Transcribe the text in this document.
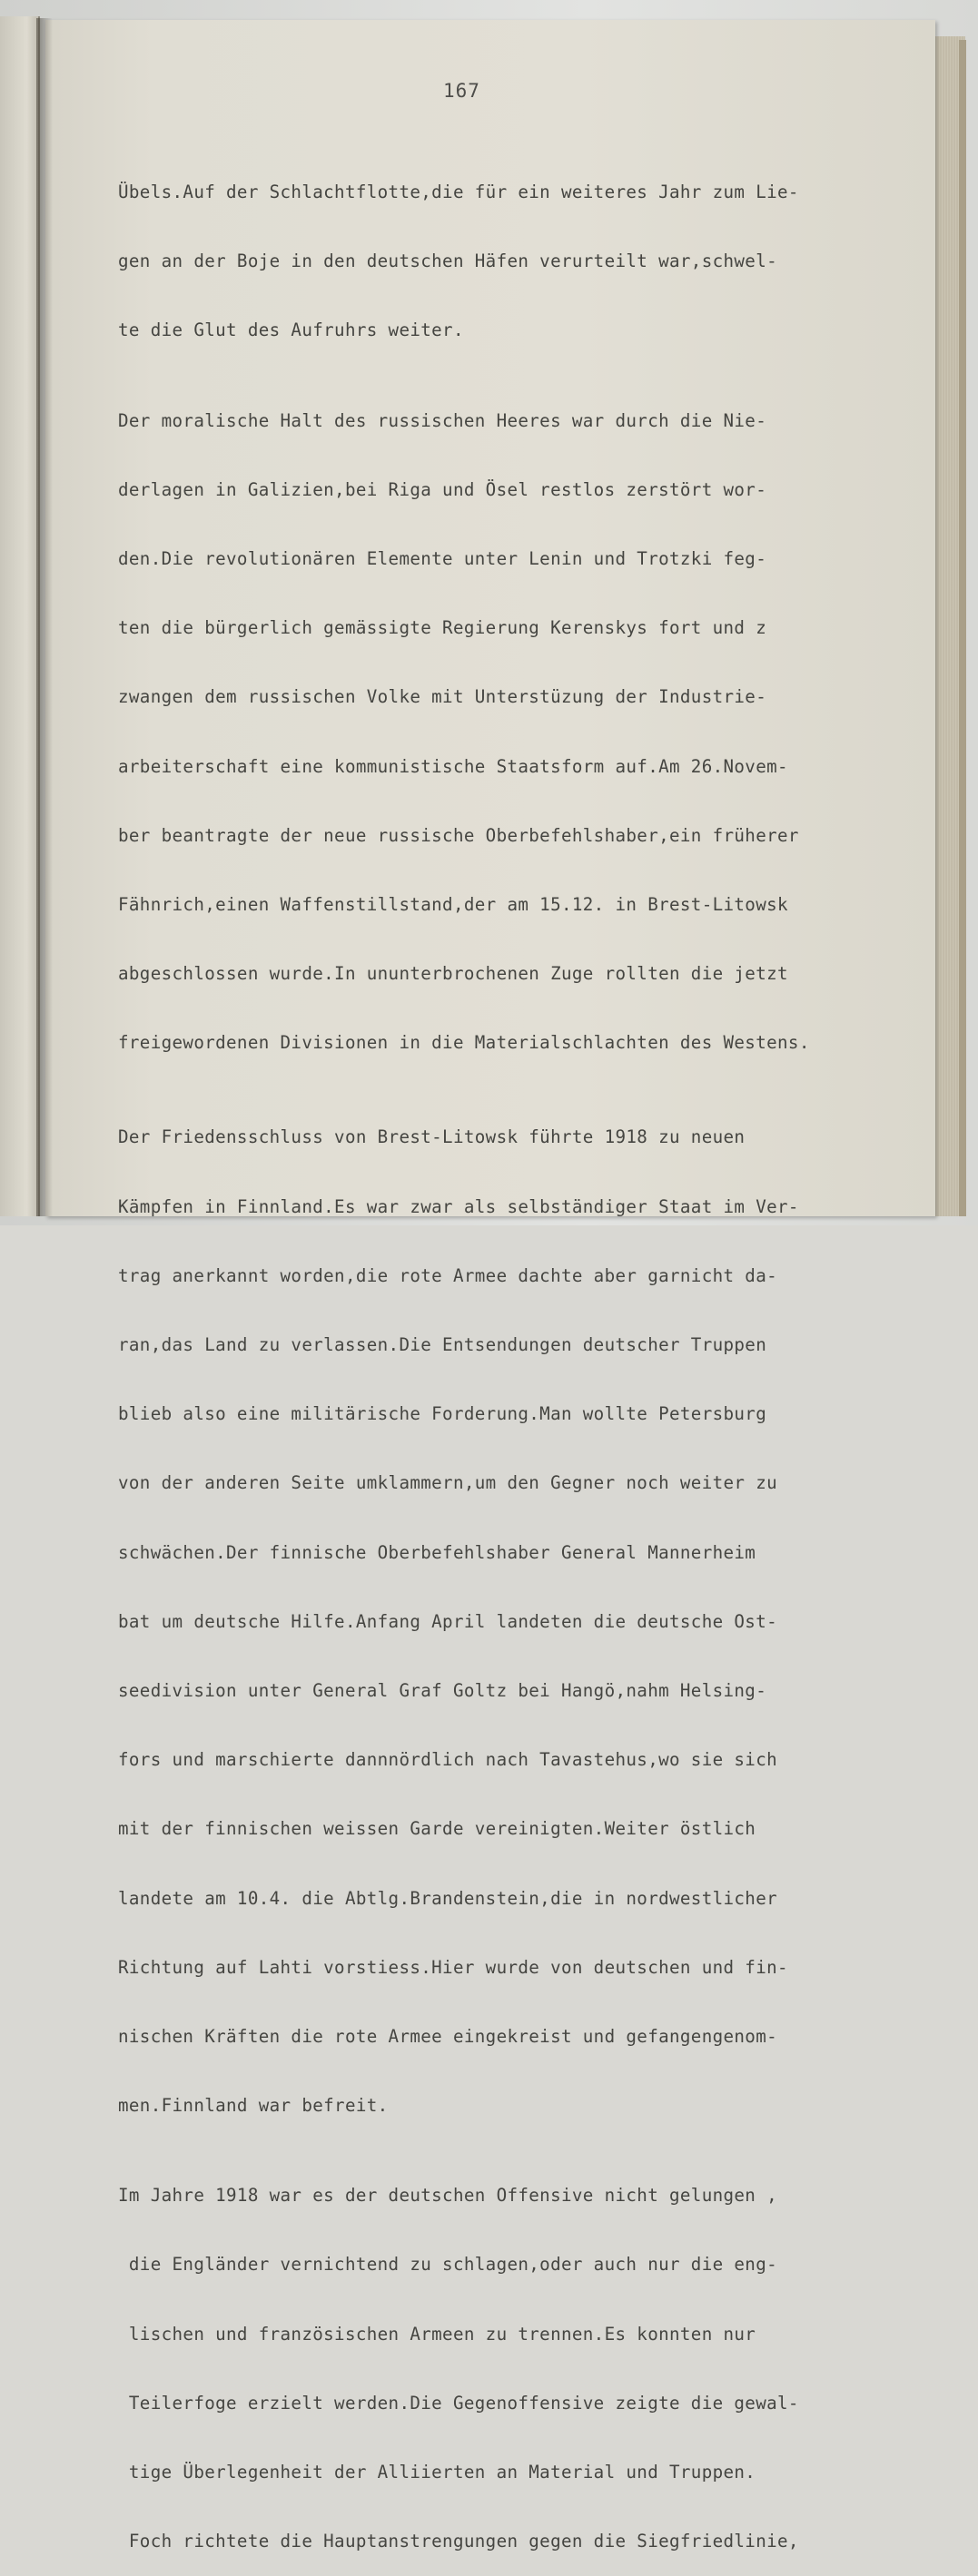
167

Übels.Auf der Schlachtflotte,die für ein weiteres Jahr zum Lie-

gen an der Boje in den deutschen Häfen verurteilt war,schwel-

te die Glut des Aufruhrs weiter.

Der moralische Halt des russischen Heeres war durch die Nie-

derlagen in Galizien,bei Riga und Ösel restlos zerstört wor-

den.Die revolutionären Elemente unter Lenin und Trotzki feg-

ten die bürgerlich gemässigte Regierung Kerenskys fort und z

zwangen dem russischen Volke mit Unterstüzung der Industrie-

arbeiterschaft eine kommunistische Staatsform auf.Am 26.Novem-

ber beantragte der neue russische Oberbefehlshaber,ein früherer

Fähnrich,einen Waffenstillstand,der am 15.12. in Brest-Litowsk

abgeschlossen wurde.In ununterbrochenen Zuge rollten die jetzt

freigewordenen Divisionen in die Materialschlachten des Westens.

Der Friedensschluss von Brest-Litowsk führte 1918 zu neuen

Kämpfen in Finnland.Es war zwar als selbständiger Staat im Ver-

trag anerkannt worden,die rote Armee dachte aber garnicht da-

ran,das Land zu verlassen.Die Entsendungen deutscher Truppen

blieb also eine militärische Forderung.Man wollte Petersburg

von der anderen Seite umklammern,um den Gegner noch weiter zu

schwächen.Der finnische Oberbefehlshaber General Mannerheim

bat um deutsche Hilfe.Anfang April landeten die deutsche Ost-

seedivision unter General Graf Goltz bei Hangö,nahm Helsing-

fors und marschierte dannnördlich nach Tavastehus,wo sie sich

mit der finnischen weissen Garde vereinigten.Weiter östlich

landete am 10.4. die Abtlg.Brandenstein,die in nordwestlicher

Richtung auf Lahti vorstiess.Hier wurde von deutschen und fin-

nischen Kräften die rote Armee eingekreist und gefangengenom-

men.Finnland war befreit.

Im Jahre 1918 war es der deutschen Offensive nicht gelungen ,

die Engländer vernichtend zu schlagen,oder auch nur die eng-

lischen und französischen Armeen zu trennen.Es konnten nur

Teilerfoge erzielt werden.Die Gegenoffensive zeigte die gewal-

tige Überlegenheit der Alliierten an Material und Truppen.

Foch richtete die Hauptanstrengungen gegen die Siegfriedlinie,
